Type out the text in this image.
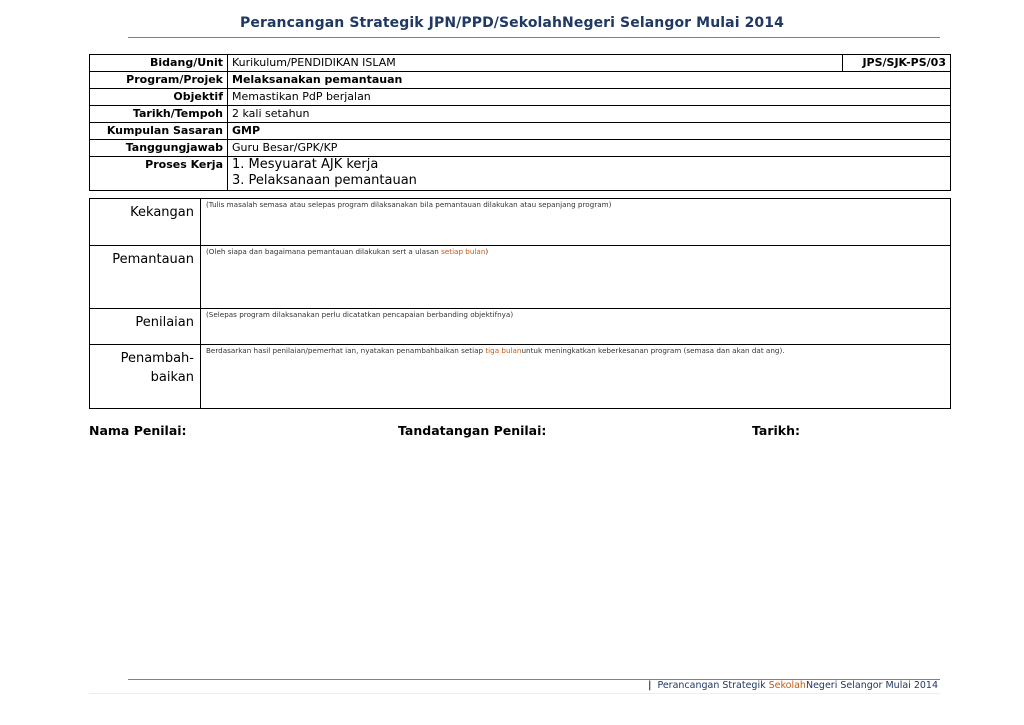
Perancangan Strategik JPN/PPD/SekolahNegeri Selangor Mulai 2014
Bidang/Unit	Kurikulum/PENDIDIKAN ISLAM	JPS/SJK-PS/03
Program/Projek	Melaksanakan pemantauan	
Objektif	Memastikan PdP berjalan	
Tarikh/Tempoh	2 kali setahun	
Kumpulan Sasaran	GMP	
Tanggungjawab	Guru Besar/GPK/KP	
Proses Kerja	1. Mesyuarat AJK kerja
3. Pelaksanaan pemantauan	
Kekangan	(Tulis masalah semasa atau selepas program dilaksanakan bila pemantauan dilakukan atau sepanjang program)
Pemantauan	(Oleh siapa dan bagaimana pemantauan dilakukan sert a ulasan setiap bulan)
Penilaian	(Selepas program dilaksanakan perlu dicatatkan pencapaian berbanding objektifnya)

Penambah-
baikan	Berdasarkan hasil penilaian/pemerhat ian, nyatakan penambahbaikan setiap tiga bulanuntuk meningkatkan keberkesanan program (semasa dan akan dat ang).
Nama Penilai:	Tandatangan Penilai:	Tarikh:
| Perancangan Strategik SekolahNegeri Selangor Mulai 2014
